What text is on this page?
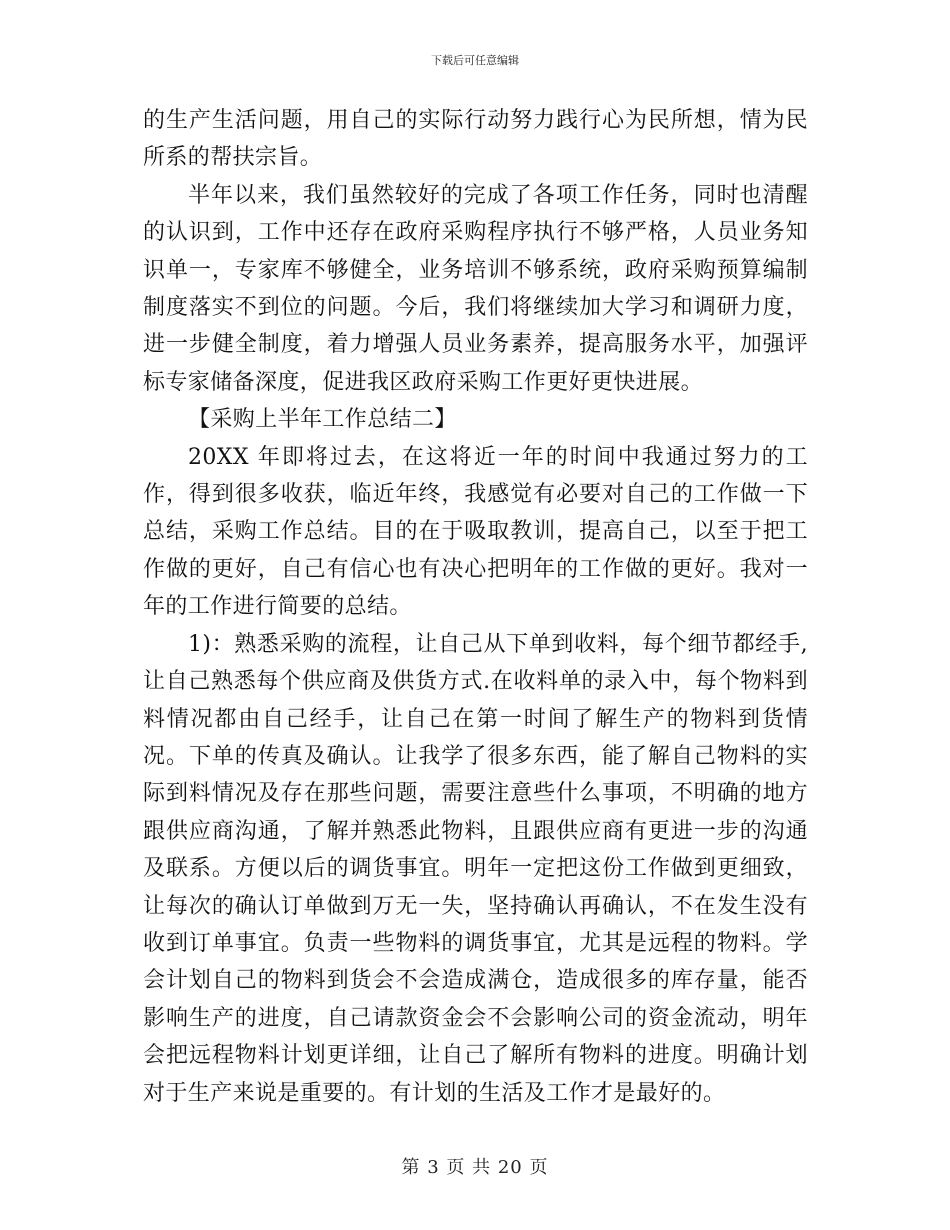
下载后可任意编辑

的生产生活问题，用自己的实际行动努力践行心为民所想，情为民所系的帮扶宗旨。

半年以来，我们虽然较好的完成了各项工作任务，同时也清醒的认识到，工作中还存在政府采购程序执行不够严格，人员业务知识单一，专家库不够健全，业务培训不够系统，政府采购预算编制制度落实不到位的问题。今后，我们将继续加大学习和调研力度，进一步健全制度，着力增强人员业务素养，提高服务水平，加强评标专家储备深度，促进我区政府采购工作更好更快进展。

【采购上半年工作总结二】

20XX 年即将过去，在这将近一年的时间中我通过努力的工作，得到很多收获，临近年终，我感觉有必要对自己的工作做一下总结，采购工作总结。目的在于吸取教训，提高自己，以至于把工作做的更好，自己有信心也有决心把明年的工作做的更好。我对一年的工作进行简要的总结。

1)：熟悉采购的流程，让自己从下单到收料，每个细节都经手,让自己熟悉每个供应商及供货方式.在收料单的录入中，每个物料到料情况都由自己经手，让自己在第一时间了解生产的物料到货情况。下单的传真及确认。让我学了很多东西，能了解自己物料的实际到料情况及存在那些问题，需要注意些什么事项，不明确的地方跟供应商沟通，了解并熟悉此物料，且跟供应商有更进一步的沟通及联系。方便以后的调货事宜。明年一定把这份工作做到更细致，让每次的确认订单做到万无一失，坚持确认再确认，不在发生没有收到订单事宜。负责一些物料的调货事宜，尤其是远程的物料。学会计划自己的物料到货会不会造成满仓，造成很多的库存量，能否影响生产的进度，自己请款资金会不会影响公司的资金流动，明年会把远程物料计划更详细，让自己了解所有物料的进度。明确计划对于生产来说是重要的。有计划的生活及工作才是最好的。

第 3 页 共 20 页
